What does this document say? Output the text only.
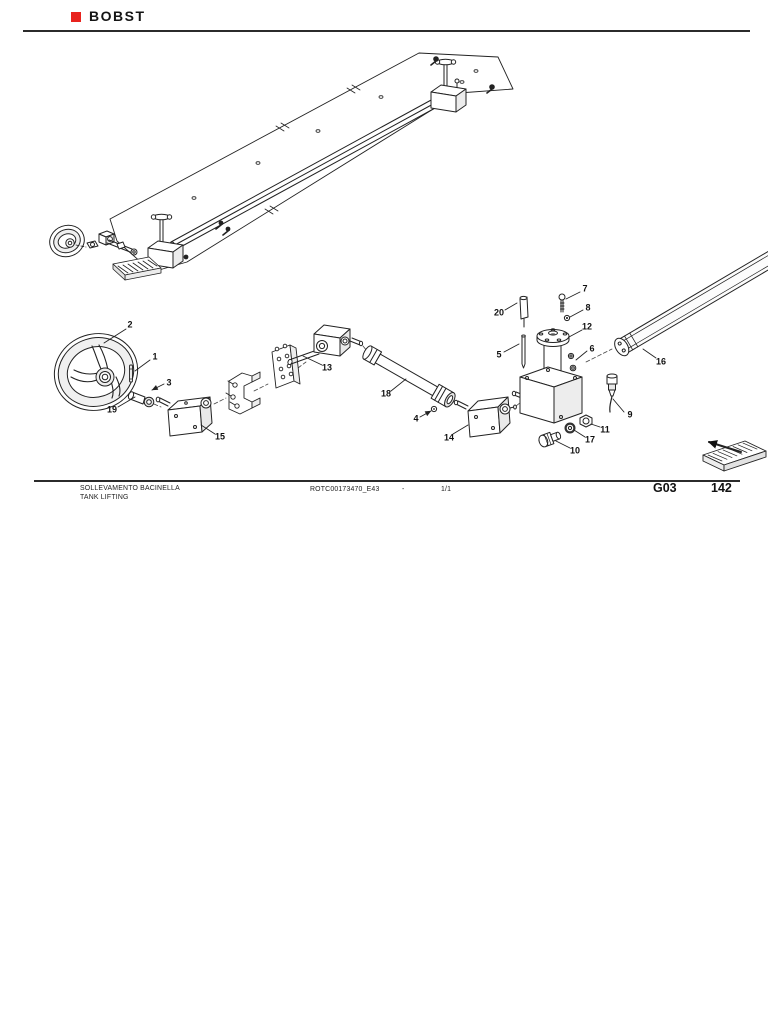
BOBST
1
2
3
4
5
6
7
8
9
10
11
12
13
14
15
16
17
18
19
20
SOLLEVAMENTO BACINELLA
TANK LIFTING
ROTC00173470_E43	-	1/1	G03	142
